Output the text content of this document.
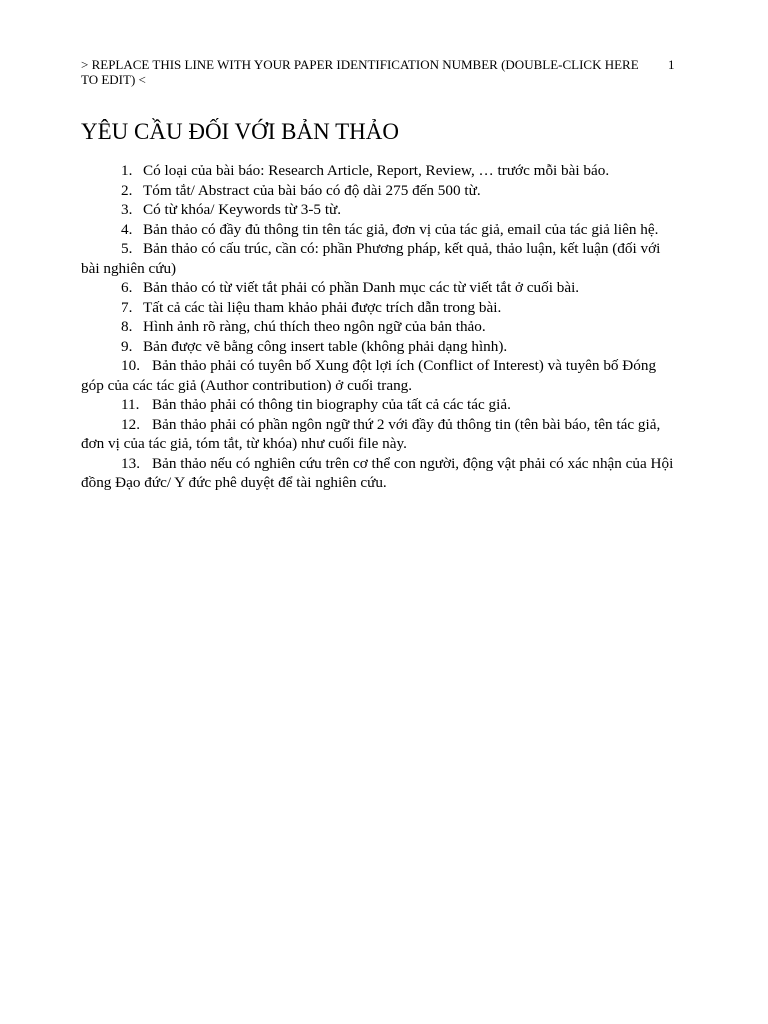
> REPLACE THIS LINE WITH YOUR PAPER IDENTIFICATION NUMBER (DOUBLE-CLICK HERE TO EDIT) <
1
YÊU CẦU ĐỐI VỚI BẢN THẢO
1. Có loại của bài báo: Research Article, Report, Review, … trước mỗi bài báo.
2. Tóm tắt/ Abstract của bài báo có độ dài 275 đến 500 từ.
3. Có từ khóa/ Keywords từ 3-5 từ.
4. Bản thảo có đầy đủ thông tin tên tác giả, đơn vị của tác giả, email của tác giả liên hệ.
5. Bản thảo có cấu trúc, cần có: phần Phương pháp, kết quả, thảo luận, kết luận (đối với bài nghiên cứu)
6. Bản thảo có từ viết tắt phải có phần Danh mục các từ viết tắt ở cuối bài.
7. Tất cả các tài liệu tham khảo phải được trích dẫn trong bài.
8. Hình ảnh rõ ràng, chú thích theo ngôn ngữ của bản thảo.
9. Bản được vẽ bằng công insert table (không phải dạng hình).
10. Bản thảo phải có tuyên bố Xung đột lợi ích (Conflict of Interest) và tuyên bố Đóng góp của các tác giả (Author contribution) ở cuối trang.
11. Bản thảo phải có thông tin biography của tất cả các tác giả.
12. Bản thảo phải có phần ngôn ngữ thứ 2 với đầy đủ thông tin (tên bài báo, tên tác giả, đơn vị của tác giả, tóm tắt, từ khóa) như cuối file này.
13. Bản thảo nếu có nghiên cứu trên cơ thể con người, động vật phải có xác nhận của Hội đồng Đạo đức/ Y đức phê duyệt để tài nghiên cứu.
